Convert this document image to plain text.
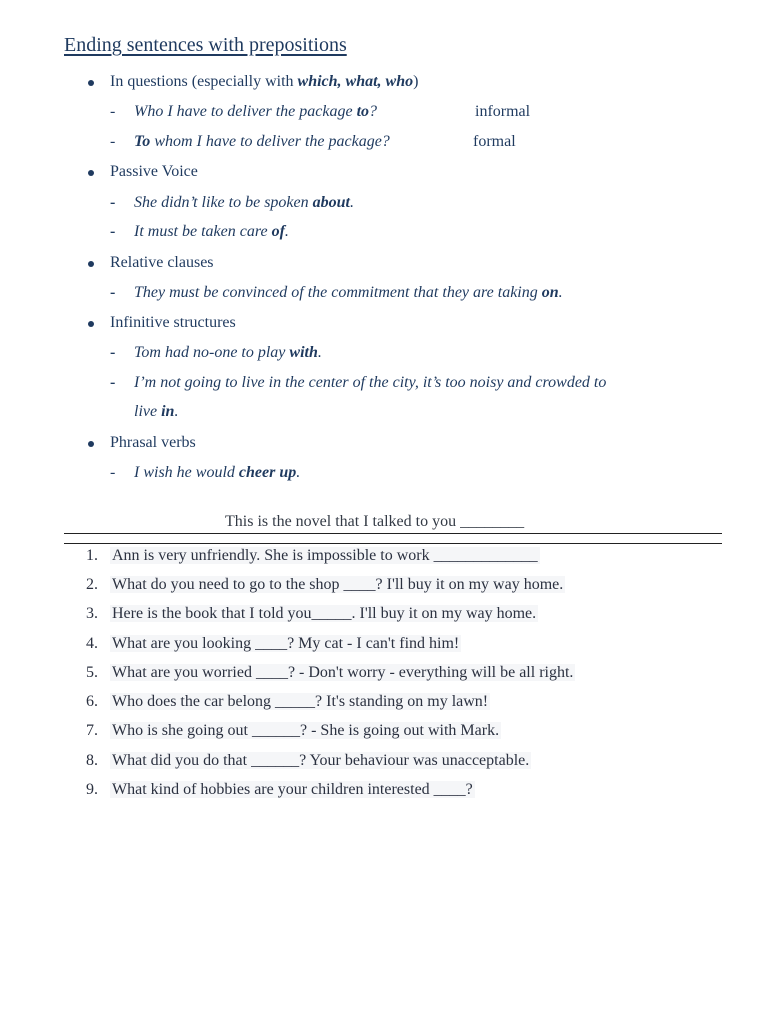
Ending sentences with prepositions
In questions (especially with which, what, who)
- Who I have to deliver the package to?	informal
- To whom I have to deliver the package?	formal
Passive Voice
- She didn’t like to be spoken about.
- It must be taken care of.
Relative clauses
- They must be convinced of the commitment that they are taking on.
Infinitive structures
- Tom had no-one to play with.
- I’m not going to live in the center of the city, it’s too noisy and crowded to
live in.
Phrasal verbs
- I wish he would cheer up.
This is the novel that I talked to you ________
1. Ann is very unfriendly. She is impossible to work _____________
2. What do you need to go to the shop ____? I'll buy it on my way home.
3. Here is the book that I told you_____. I'll buy it on my way home.
4. What are you looking ____? My cat - I can't find him!
5. What are you worried ____? - Don't worry - everything will be all right.
6. Who does the car belong _____? It's standing on my lawn!
7. Who is she going out ______? - She is going out with Mark.
8. What did you do that ______? Your behaviour was unacceptable.
9. What kind of hobbies are your children interested ____?
